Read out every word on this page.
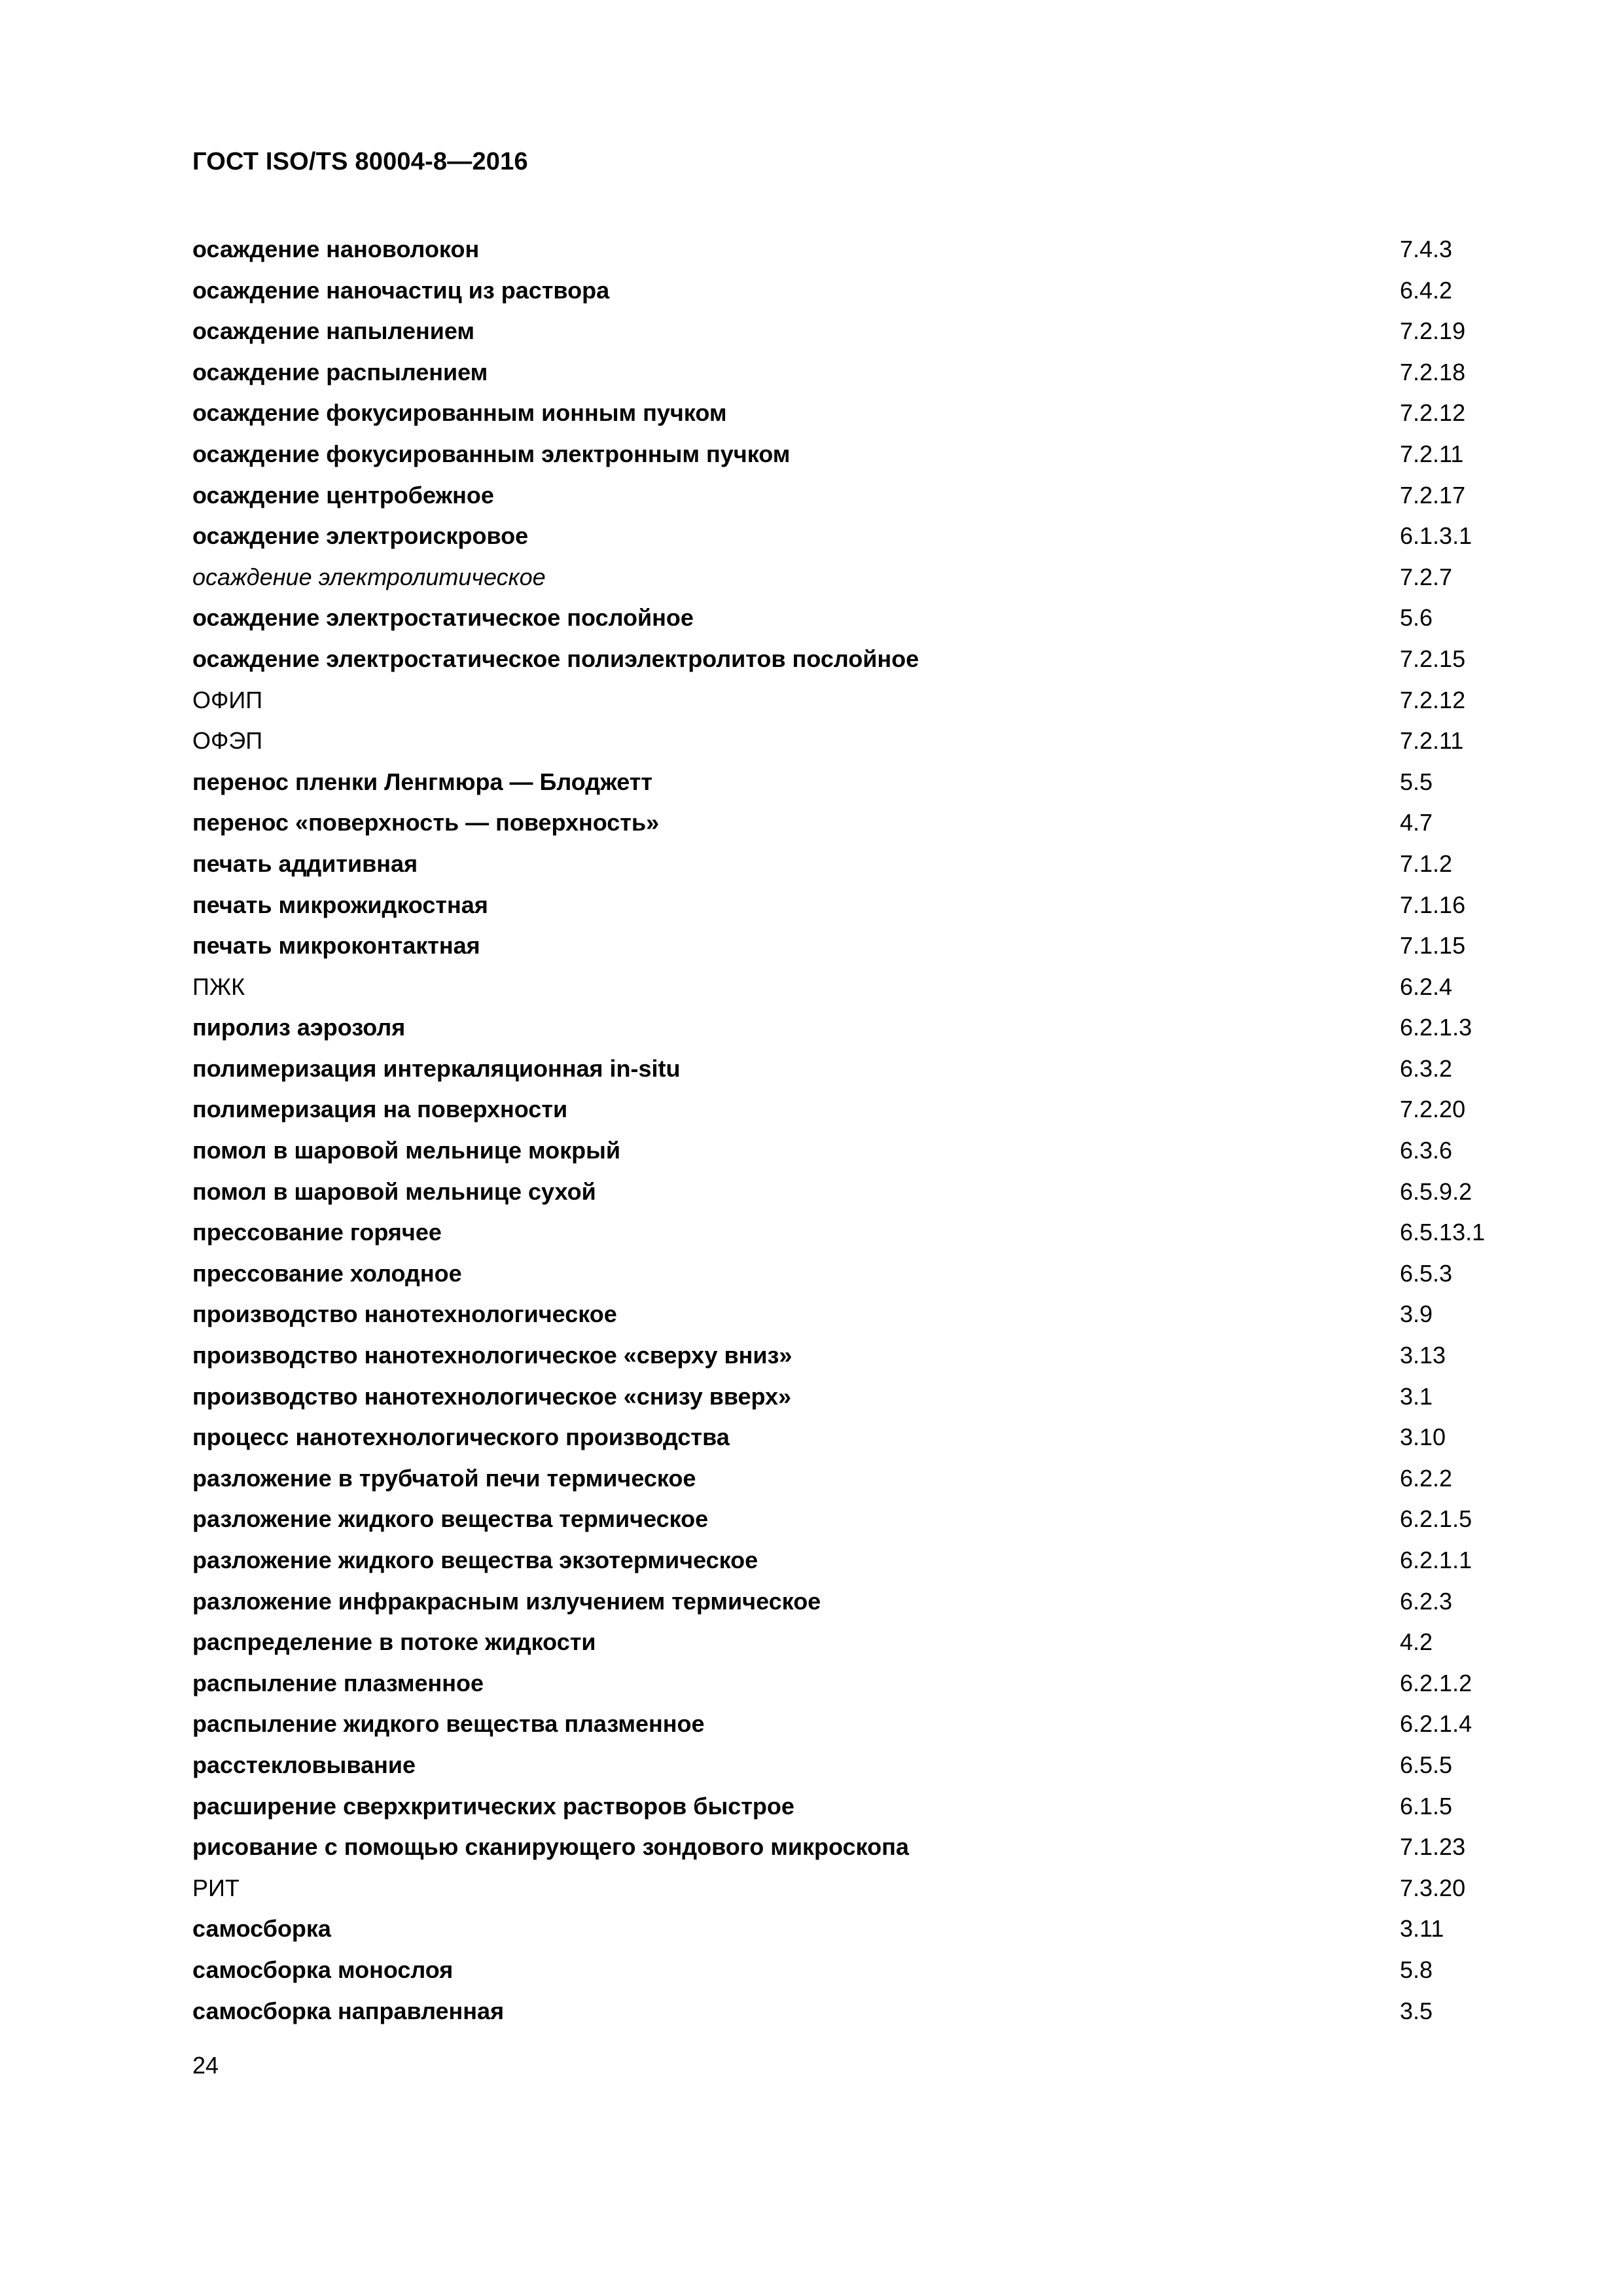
ГОСТ ISO/TS 80004-8—2016
осаждение нановолокон	7.4.3
осаждение наночастиц из раствора	6.4.2
осаждение напылением	7.2.19
осаждение распылением	7.2.18
осаждение фокусированным ионным пучком	7.2.12
осаждение фокусированным электронным пучком	7.2.11
осаждение центробежное	7.2.17
осаждение электроискровое	6.1.3.1
осаждение электролитическое	7.2.7
осаждение электростатическое послойное	5.6
осаждение электростатическое полиэлектролитов послойное	7.2.15
ОФИП	7.2.12
ОФЭП	7.2.11
перенос пленки Ленгмюра — Блоджетт	5.5
перенос «поверхность — поверхность»	4.7
печать аддитивная	7.1.2
печать микрожидкостная	7.1.16
печать микроконтактная	7.1.15
ПЖК	6.2.4
пиролиз аэрозоля	6.2.1.3
полимеризация интеркаляционная in-situ	6.3.2
полимеризация на поверхности	7.2.20
помол в шаровой мельнице мокрый	6.3.6
помол в шаровой мельнице сухой	6.5.9.2
прессование горячее	6.5.13.1
прессование холодное	6.5.3
производство нанотехнологическое	3.9
производство нанотехнологическое «сверху вниз»	3.13
производство нанотехнологическое «снизу вверх»	3.1
процесс нанотехнологического производства	3.10
разложение в трубчатой печи термическое	6.2.2
разложение жидкого вещества термическое	6.2.1.5
разложение жидкого вещества экзотермическое	6.2.1.1
разложение инфракрасным излучением термическое	6.2.3
распределение в потоке жидкости	4.2
распыление плазменное	6.2.1.2
распыление жидкого вещества плазменное	6.2.1.4
расстекловывание	6.5.5
расширение сверхкритических растворов быстрое	6.1.5
рисование с помощью сканирующего зондового микроскопа	7.1.23
РИТ	7.3.20
самосборка	3.11
самосборка монослоя	5.8
самосборка направленная	3.5
24
